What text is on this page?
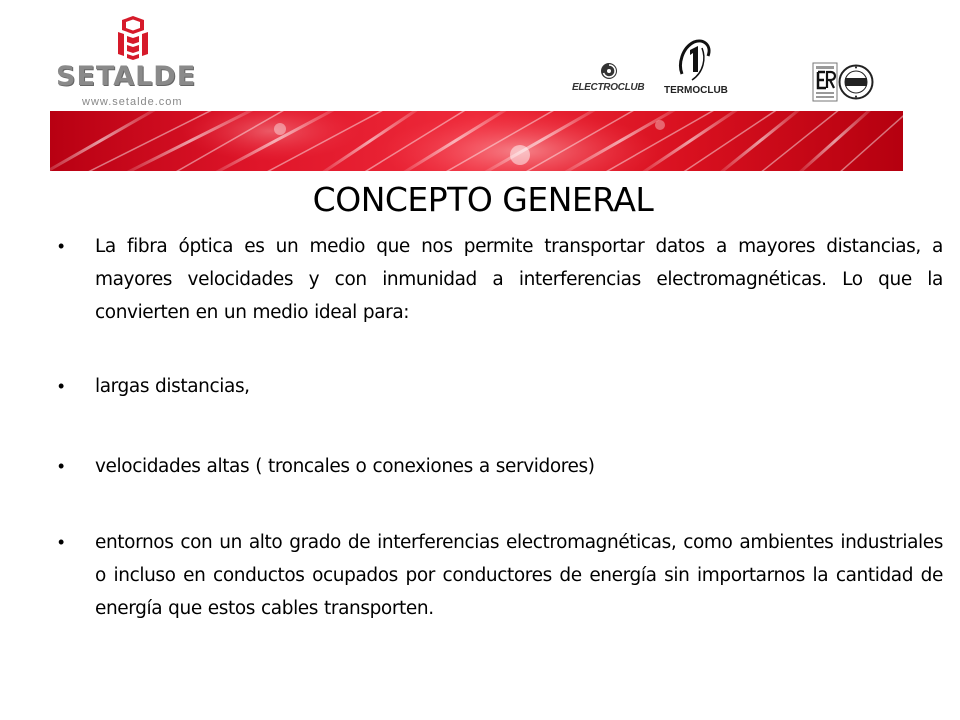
SETALDE
www.setalde.com
ELECTROCLUB TERMOCLUB
CONCEPTO GENERAL
• La fibra óptica es un medio que nos permite transportar datos a mayores distancias, a mayores velocidades y con inmunidad a interferencias electromagnéticas. Lo que la convierten en un medio ideal para:
• largas distancias,
• velocidades altas ( troncales o conexiones a servidores)
• entornos con un alto grado de interferencias electromagnéticas, como ambientes industriales o incluso en conductos ocupados por conductores de energía sin importarnos la cantidad de energía que estos cables transporten.
